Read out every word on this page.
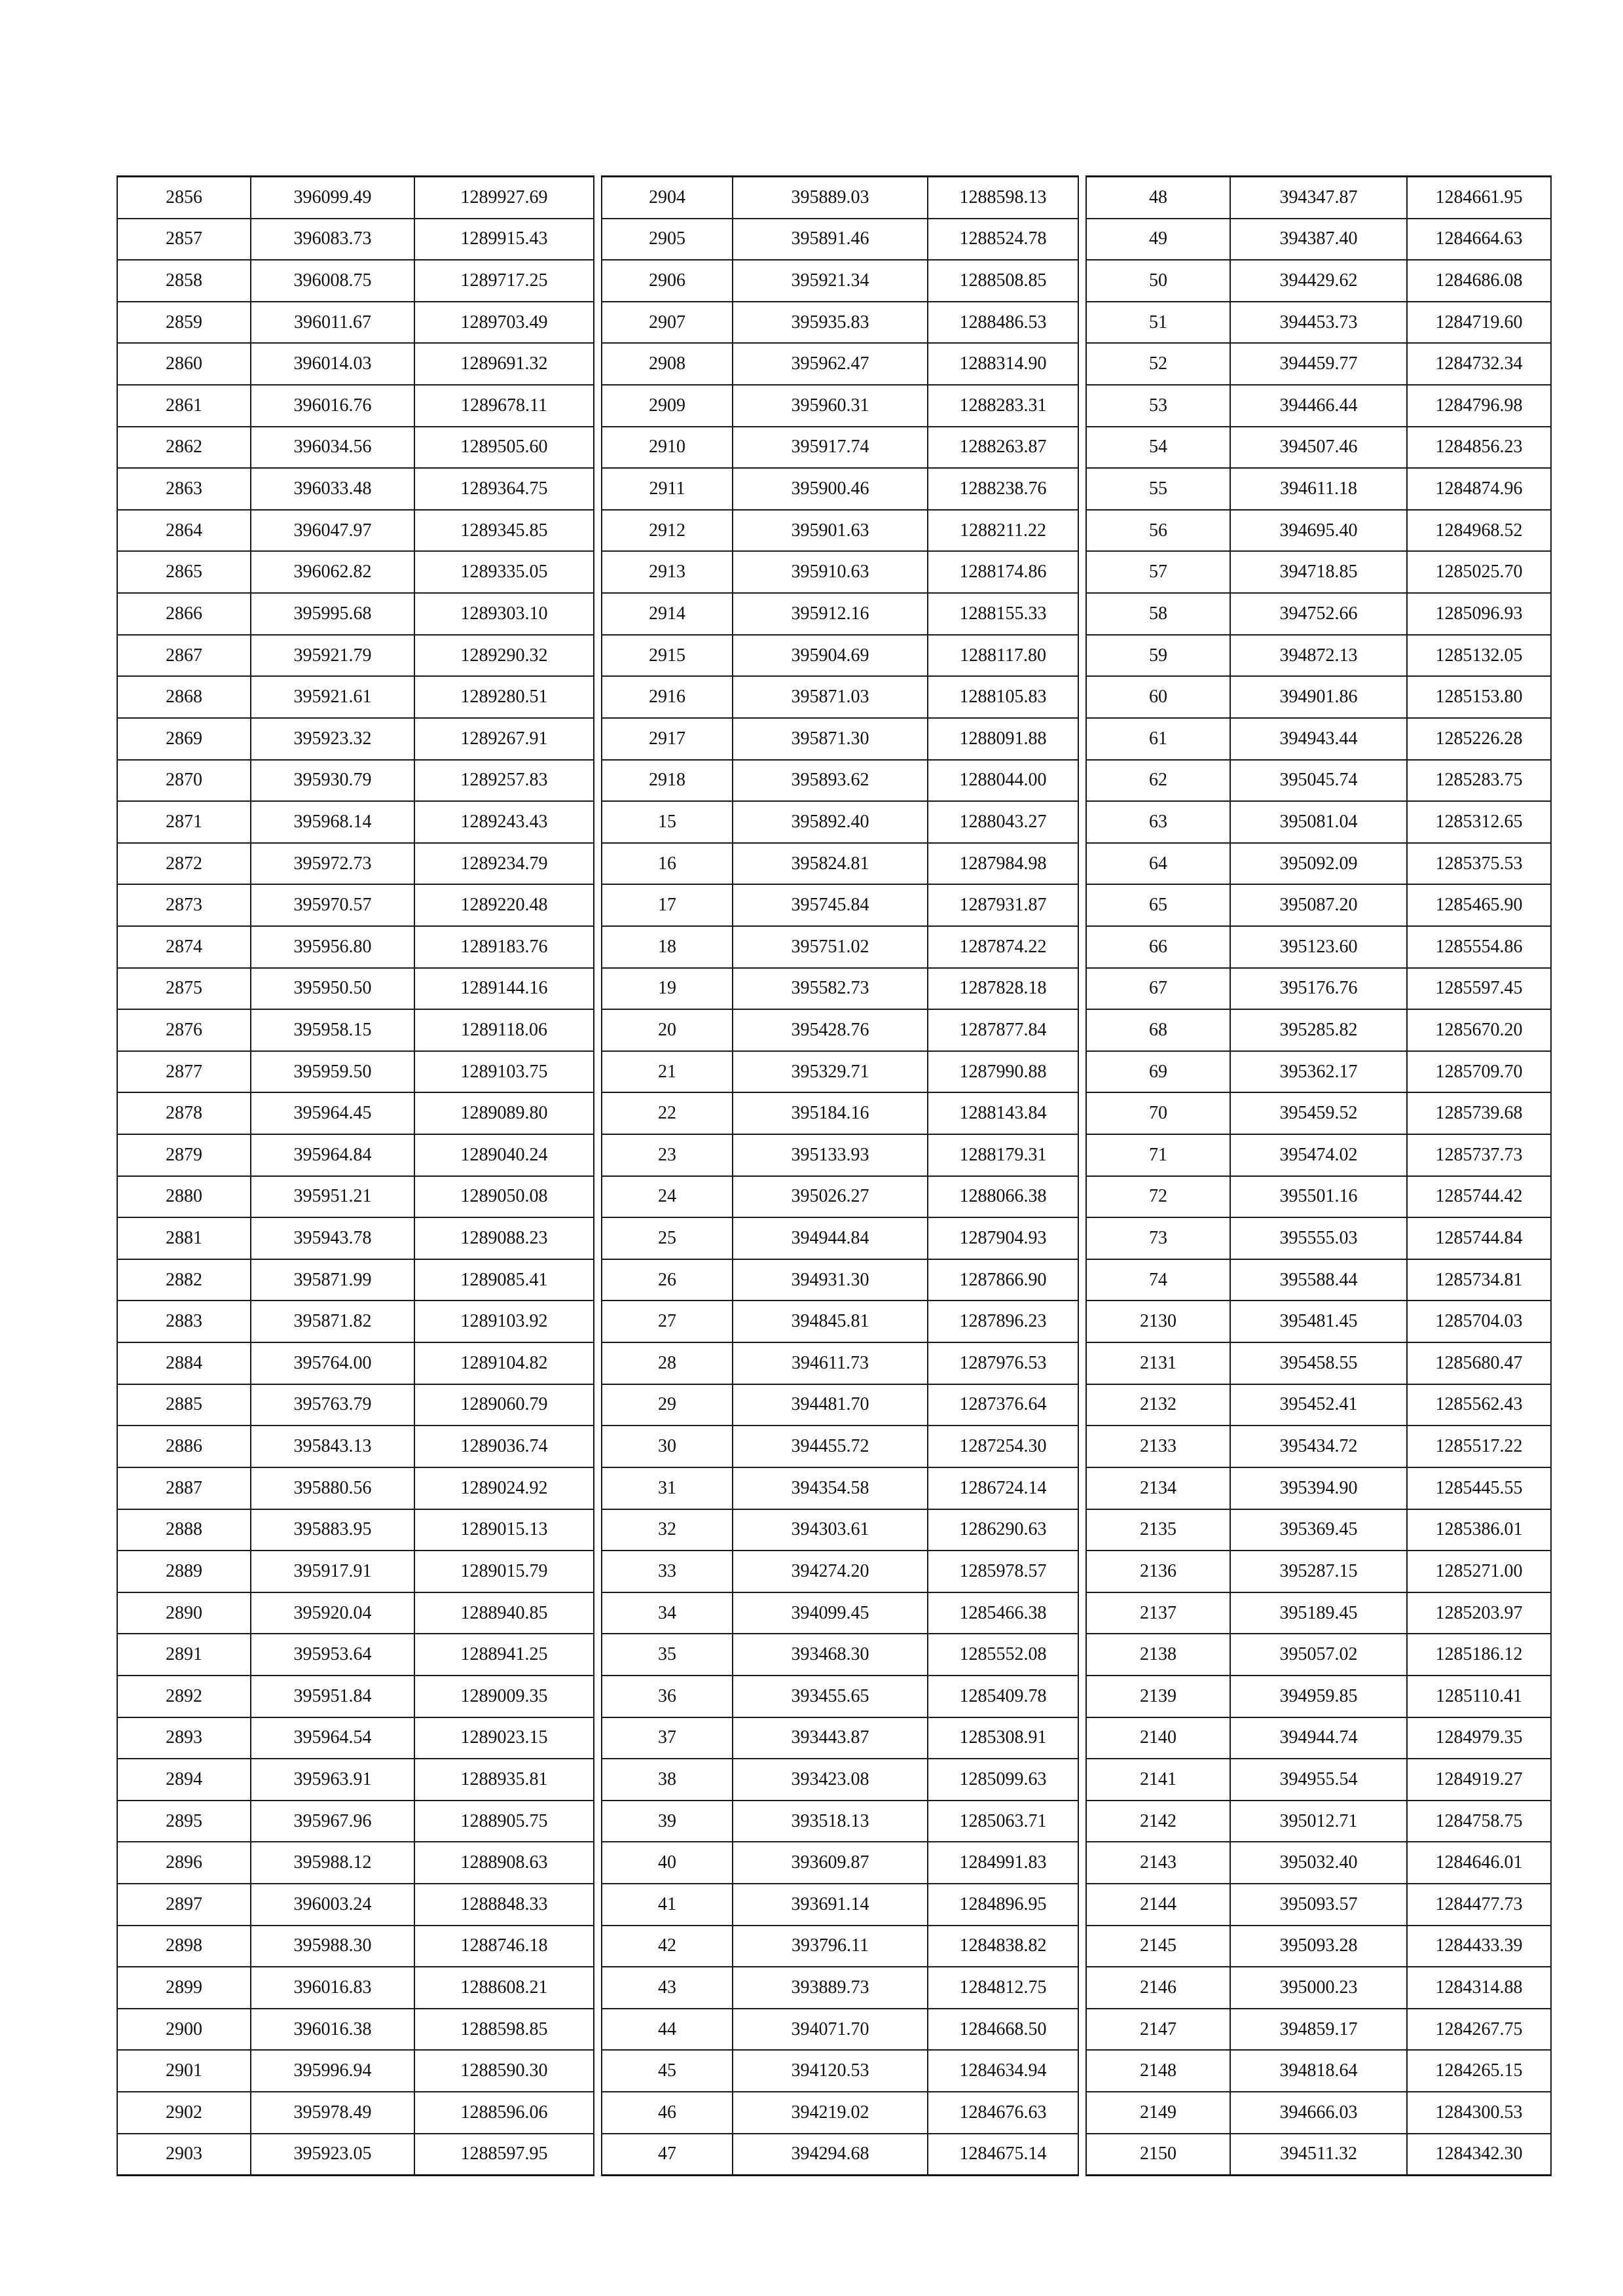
2856	396099.49	1289927.69
2857	396083.73	1289915.43
2858	396008.75	1289717.25
2859	396011.67	1289703.49
2860	396014.03	1289691.32
2861	396016.76	1289678.11
2862	396034.56	1289505.60
2863	396033.48	1289364.75
2864	396047.97	1289345.85
2865	396062.82	1289335.05
2866	395995.68	1289303.10
2867	395921.79	1289290.32
2868	395921.61	1289280.51
2869	395923.32	1289267.91
2870	395930.79	1289257.83
2871	395968.14	1289243.43
2872	395972.73	1289234.79
2873	395970.57	1289220.48
2874	395956.80	1289183.76
2875	395950.50	1289144.16
2876	395958.15	1289118.06
2877	395959.50	1289103.75
2878	395964.45	1289089.80
2879	395964.84	1289040.24
2880	395951.21	1289050.08
2881	395943.78	1289088.23
2882	395871.99	1289085.41
2883	395871.82	1289103.92
2884	395764.00	1289104.82
2885	395763.79	1289060.79
2886	395843.13	1289036.74
2887	395880.56	1289024.92
2888	395883.95	1289015.13
2889	395917.91	1289015.79
2890	395920.04	1288940.85
2891	395953.64	1288941.25
2892	395951.84	1289009.35
2893	395964.54	1289023.15
2894	395963.91	1288935.81
2895	395967.96	1288905.75
2896	395988.12	1288908.63
2897	396003.24	1288848.33
2898	395988.30	1288746.18
2899	396016.83	1288608.21
2900	396016.38	1288598.85
2901	395996.94	1288590.30
2902	395978.49	1288596.06
2903	395923.05	1288597.95
2904	395889.03	1288598.13
2905	395891.46	1288524.78
2906	395921.34	1288508.85
2907	395935.83	1288486.53
2908	395962.47	1288314.90
2909	395960.31	1288283.31
2910	395917.74	1288263.87
2911	395900.46	1288238.76
2912	395901.63	1288211.22
2913	395910.63	1288174.86
2914	395912.16	1288155.33
2915	395904.69	1288117.80
2916	395871.03	1288105.83
2917	395871.30	1288091.88
2918	395893.62	1288044.00
15	395892.40	1288043.27
16	395824.81	1287984.98
17	395745.84	1287931.87
18	395751.02	1287874.22
19	395582.73	1287828.18
20	395428.76	1287877.84
21	395329.71	1287990.88
22	395184.16	1288143.84
23	395133.93	1288179.31
24	395026.27	1288066.38
25	394944.84	1287904.93
26	394931.30	1287866.90
27	394845.81	1287896.23
28	394611.73	1287976.53
29	394481.70	1287376.64
30	394455.72	1287254.30
31	394354.58	1286724.14
32	394303.61	1286290.63
33	394274.20	1285978.57
34	394099.45	1285466.38
35	393468.30	1285552.08
36	393455.65	1285409.78
37	393443.87	1285308.91
38	393423.08	1285099.63
39	393518.13	1285063.71
40	393609.87	1284991.83
41	393691.14	1284896.95
42	393796.11	1284838.82
43	393889.73	1284812.75
44	394071.70	1284668.50
45	394120.53	1284634.94
46	394219.02	1284676.63
47	394294.68	1284675.14
48	394347.87	1284661.95
49	394387.40	1284664.63
50	394429.62	1284686.08
51	394453.73	1284719.60
52	394459.77	1284732.34
53	394466.44	1284796.98
54	394507.46	1284856.23
55	394611.18	1284874.96
56	394695.40	1284968.52
57	394718.85	1285025.70
58	394752.66	1285096.93
59	394872.13	1285132.05
60	394901.86	1285153.80
61	394943.44	1285226.28
62	395045.74	1285283.75
63	395081.04	1285312.65
64	395092.09	1285375.53
65	395087.20	1285465.90
66	395123.60	1285554.86
67	395176.76	1285597.45
68	395285.82	1285670.20
69	395362.17	1285709.70
70	395459.52	1285739.68
71	395474.02	1285737.73
72	395501.16	1285744.42
73	395555.03	1285744.84
74	395588.44	1285734.81
2130	395481.45	1285704.03
2131	395458.55	1285680.47
2132	395452.41	1285562.43
2133	395434.72	1285517.22
2134	395394.90	1285445.55
2135	395369.45	1285386.01
2136	395287.15	1285271.00
2137	395189.45	1285203.97
2138	395057.02	1285186.12
2139	394959.85	1285110.41
2140	394944.74	1284979.35
2141	394955.54	1284919.27
2142	395012.71	1284758.75
2143	395032.40	1284646.01
2144	395093.57	1284477.73
2145	395093.28	1284433.39
2146	395000.23	1284314.88
2147	394859.17	1284267.75
2148	394818.64	1284265.15
2149	394666.03	1284300.53
2150	394511.32	1284342.30
